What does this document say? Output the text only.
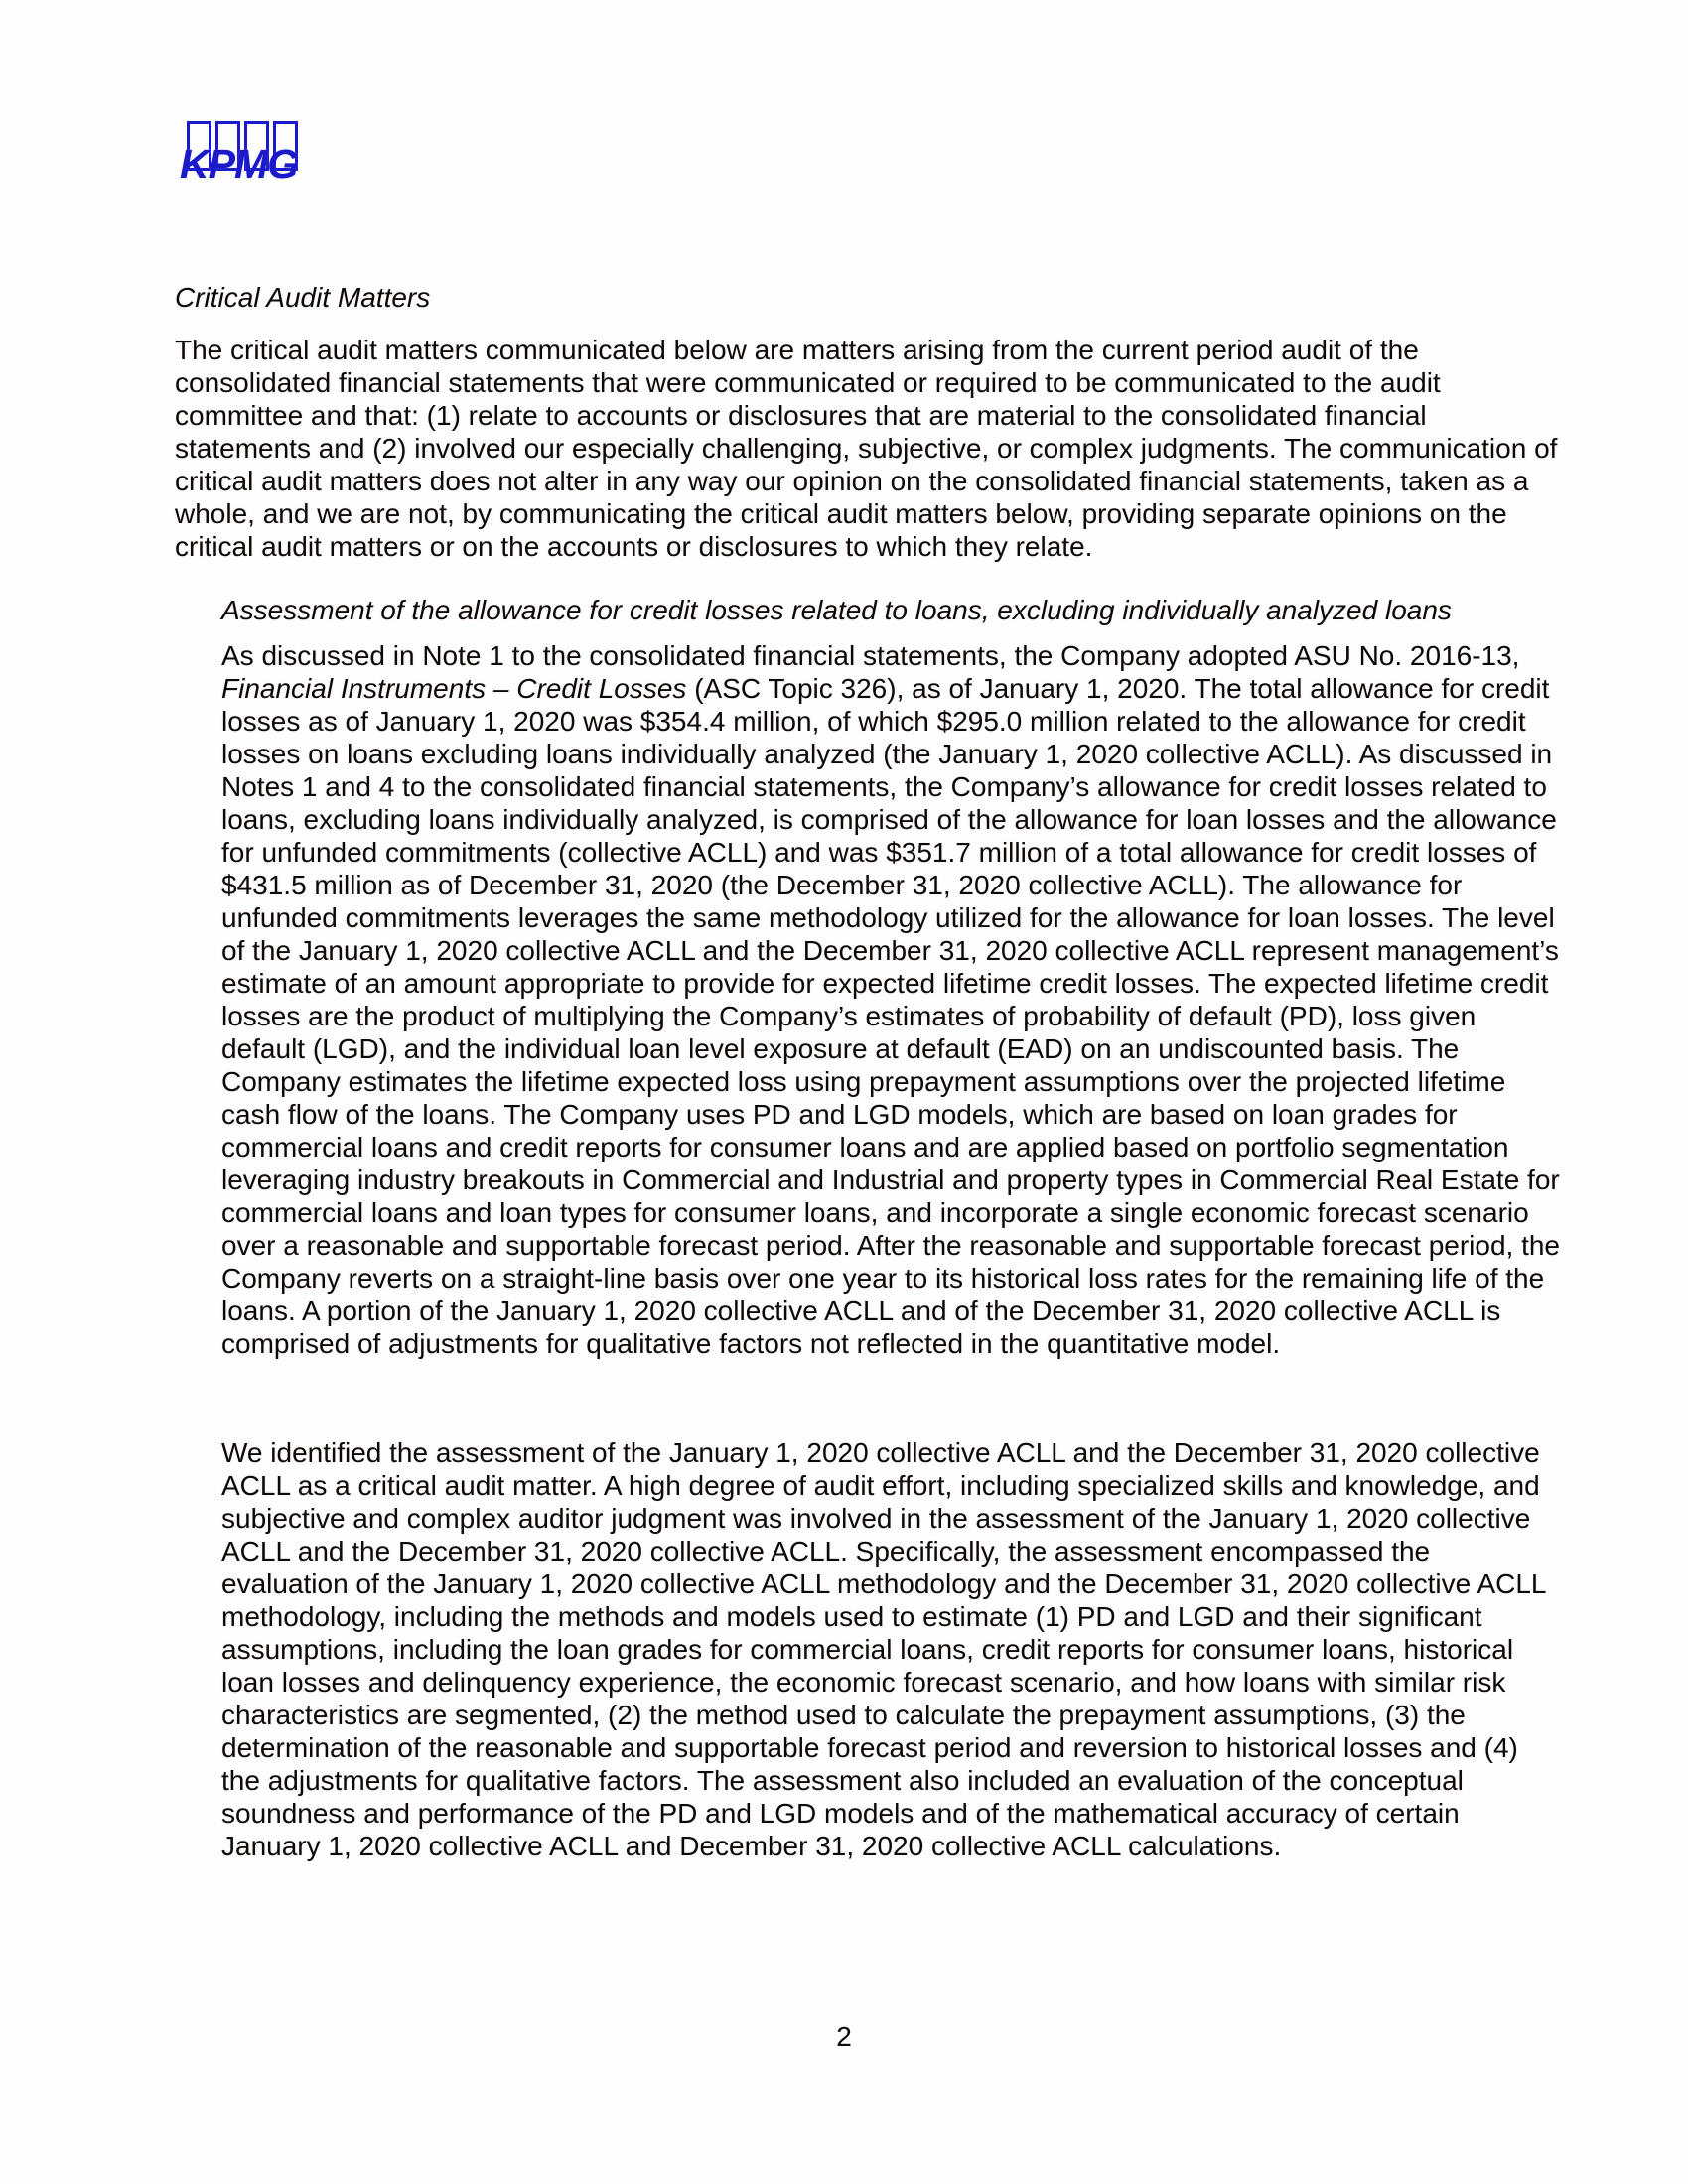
KPMG
Critical Audit Matters

The critical audit matters communicated below are matters arising from the current period audit of the consolidated financial statements that were communicated or required to be communicated to the audit committee and that: (1) relate to accounts or disclosures that are material to the consolidated financial statements and (2) involved our especially challenging, subjective, or complex judgments. The communication of critical audit matters does not alter in any way our opinion on the consolidated financial statements, taken as a whole, and we are not, by communicating the critical audit matters below, providing separate opinions on the critical audit matters or on the accounts or disclosures to which they relate.

Assessment of the allowance for credit losses related to loans, excluding individually analyzed loans

As discussed in Note 1 to the consolidated financial statements, the Company adopted ASU No. 2016-13, Financial Instruments – Credit Losses (ASC Topic 326), as of January 1, 2020. The total allowance for credit losses as of January 1, 2020 was $354.4 million, of which $295.0 million related to the allowance for credit losses on loans excluding loans individually analyzed (the January 1, 2020 collective ACLL). As discussed in Notes 1 and 4 to the consolidated financial statements, the Company’s allowance for credit losses related to loans, excluding loans individually analyzed, is comprised of the allowance for loan losses and the allowance for unfunded commitments (collective ACLL) and was $351.7 million of a total allowance for credit losses of $431.5 million as of December 31, 2020 (the December 31, 2020 collective ACLL). The allowance for unfunded commitments leverages the same methodology utilized for the allowance for loan losses. The level of the January 1, 2020 collective ACLL and the December 31, 2020 collective ACLL represent management’s estimate of an amount appropriate to provide for expected lifetime credit losses. The expected lifetime credit losses are the product of multiplying the Company’s estimates of probability of default (PD), loss given default (LGD), and the individual loan level exposure at default (EAD) on an undiscounted basis. The Company estimates the lifetime expected loss using prepayment assumptions over the projected lifetime cash flow of the loans. The Company uses PD and LGD models, which are based on loan grades for commercial loans and credit reports for consumer loans and are applied based on portfolio segmentation leveraging industry breakouts in Commercial and Industrial and property types in Commercial Real Estate for commercial loans and loan types for consumer loans, and incorporate a single economic forecast scenario over a reasonable and supportable forecast period. After the reasonable and supportable forecast period, the Company reverts on a straight-line basis over one year to its historical loss rates for the remaining life of the loans. A portion of the January 1, 2020 collective ACLL and of the December 31, 2020 collective ACLL is comprised of adjustments for qualitative factors not reflected in the quantitative model.

We identified the assessment of the January 1, 2020 collective ACLL and the December 31, 2020 collective ACLL as a critical audit matter. A high degree of audit effort, including specialized skills and knowledge, and subjective and complex auditor judgment was involved in the assessment of the January 1, 2020 collective ACLL and the December 31, 2020 collective ACLL. Specifically, the assessment encompassed the evaluation of the January 1, 2020 collective ACLL methodology and the December 31, 2020 collective ACLL methodology, including the methods and models used to estimate (1) PD and LGD and their significant assumptions, including the loan grades for commercial loans, credit reports for consumer loans, historical loan losses and delinquency experience, the economic forecast scenario, and how loans with similar risk characteristics are segmented, (2) the method used to calculate the prepayment assumptions, (3) the determination of the reasonable and supportable forecast period and reversion to historical losses and (4) the adjustments for qualitative factors. The assessment also included an evaluation of the conceptual soundness and performance of the PD and LGD models and of the mathematical accuracy of certain January 1, 2020 collective ACLL and December 31, 2020 collective ACLL calculations.

2
